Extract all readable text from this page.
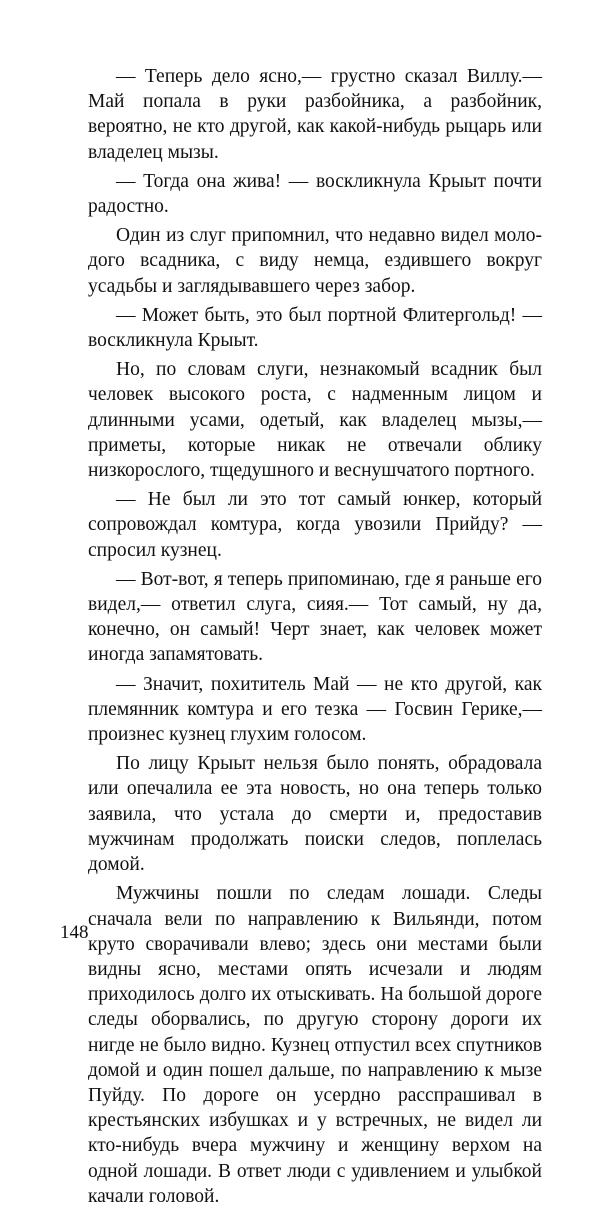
— Теперь дело ясно,— грустно сказал Виллу.— Май попала в руки разбойника, а разбойник, вероятно, не кто другой, как какой-нибудь рыцарь или владелец мызы.

— Тогда она жива! — воскликнула Крыыт почти радостно.

Один из слуг припомнил, что недавно видел молодого всадника, с виду немца, ездившего вокруг усадьбы и заглядывавшего через забор.

— Может быть, это был портной Флитергольд! — воскликнула Крыыт.

Но, по словам слуги, незнакомый всадник был человек высокого роста, с надменным лицом и длинными усами, одетый, как владелец мызы,— приметы, которые никак не отвечали облику низкорослого, тщедушного и веснушчатого портного.

— Не был ли это тот самый юнкер, который сопровождал комтура, когда увозили Прийду? — спросил кузнец.

— Вот-вот, я теперь припоминаю, где я раньше его видел,— ответил слуга, сияя.— Тот самый, ну да, конечно, он самый! Черт знает, как человек может иногда запамятовать.

— Значит, похититель Май — не кто другой, как племянник комтура и его тезка — Госвин Герике,— произнес кузнец глухим голосом.

По лицу Крыыт нельзя было понять, обрадовала или опечалила ее эта новость, но она теперь только заявила, что устала до смерти и, предоставив мужчинам продолжать поиски следов, поплелась домой.

Мужчины пошли по следам лошади. Следы сначала вели по направлению к Вильянди, потом круто сворачивали влево; здесь они местами были видны ясно, местами опять исчезали и людям приходилось долго их отыскивать. На большой дороге следы оборвались, по другую сторону дороги их нигде не было видно. Кузнец отпустил всех спутников домой и один пошел дальше, по направлению к мызе Пуйду. По дороге он усердно расспрашивал в крестьянских избушках и у встречных, не видел ли кто-нибудь вчера мужчину и женщину верхом на одной лошади. В ответ люди с удивлением и улыбкой качали головой.

148
